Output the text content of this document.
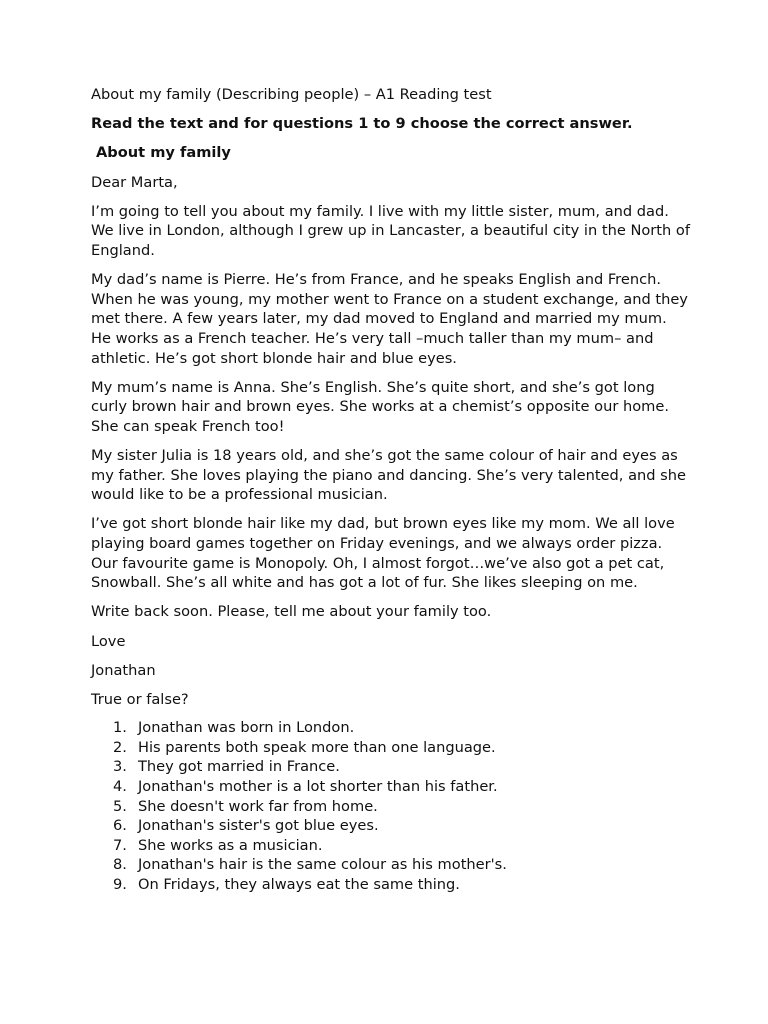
About my family (Describing people) – A1 Reading test

Read the text and for questions 1 to 9 choose the correct answer.

About my family

Dear Marta,

I’m going to tell you about my family. I live with my little sister, mum, and dad. We live in London, although I grew up in Lancaster, a beautiful city in the North of England.

My dad’s name is Pierre. He’s from France, and he speaks English and French. When he was young, my mother went to France on a student exchange, and they met there. A few years later, my dad moved to England and married my mum. He works as a French teacher. He’s very tall –much taller than my mum– and athletic. He’s got short blonde hair and blue eyes.

My mum’s name is Anna. She’s English. She’s quite short, and she’s got long curly brown hair and brown eyes. She works at a chemist’s opposite our home. She can speak French too!

My sister Julia is 18 years old, and she’s got the same colour of hair and eyes as my father. She loves playing the piano and dancing. She’s very talented, and she would like to be a professional musician.

I’ve got short blonde hair like my dad, but brown eyes like my mom. We all love playing board games together on Friday evenings, and we always order pizza. Our favourite game is Monopoly. Oh, I almost forgot…we’ve also got a pet cat, Snowball. She’s all white and has got a lot of fur. She likes sleeping on me.

Write back soon. Please, tell me about your family too.

Love

Jonathan

True or false?

1. Jonathan was born in London.
2. His parents both speak more than one language.
3. They got married in France.
4. Jonathan's mother is a lot shorter than his father.
5. She doesn't work far from home.
6. Jonathan's sister's got blue eyes.
7. She works as a musician.
8. Jonathan's hair is the same colour as his mother's.
9. On Fridays, they always eat the same thing.
